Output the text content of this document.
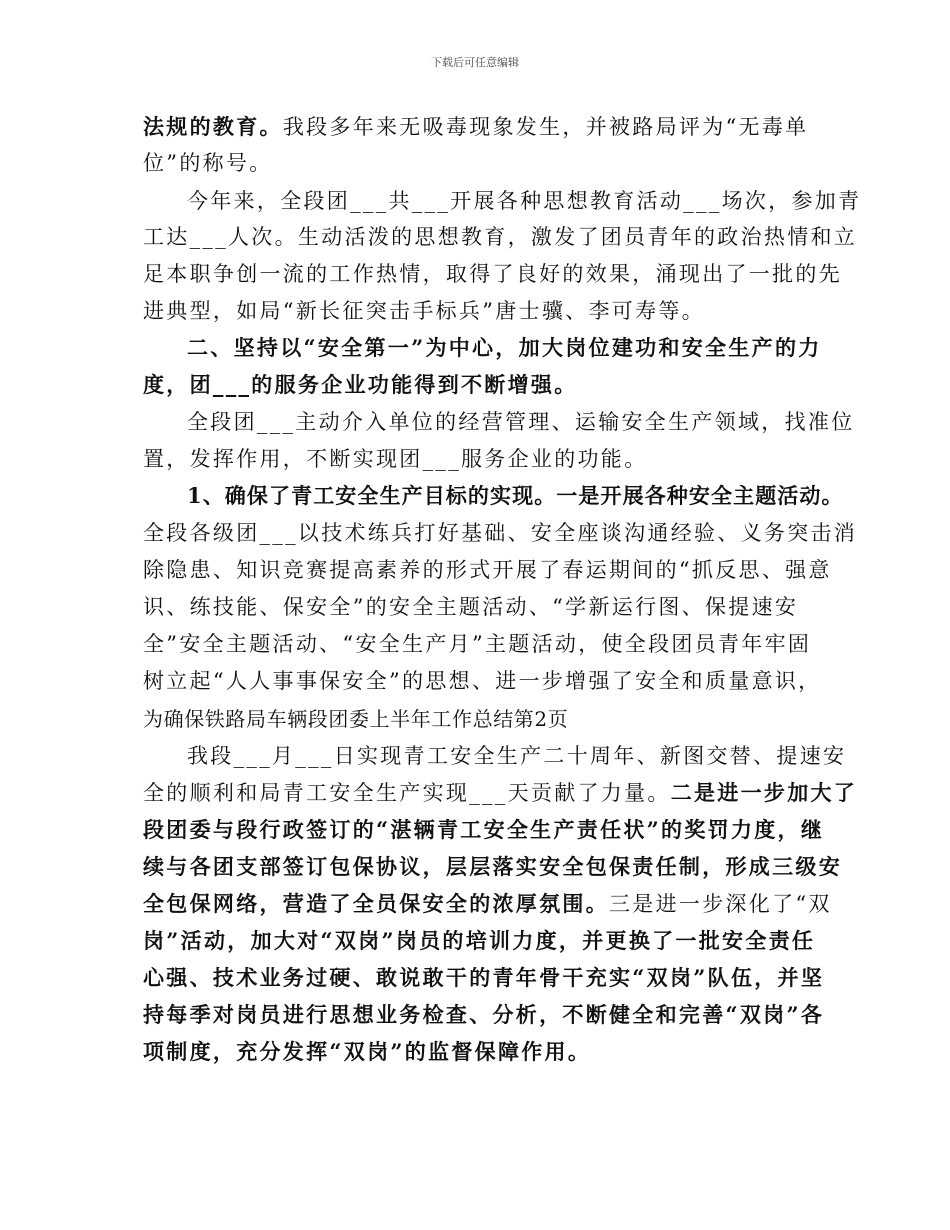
下载后可任意编辑
法规的教育。我段多年来无吸毒现象发生，并被路局评为“无毒单
位”的称号。
今年来，全段团___共___开展各种思想教育活动___场次，参加青
工达___人次。生动活泼的思想教育，激发了团员青年的政治热情和立
足本职争创一流的工作热情，取得了良好的效果，涌现出了一批的先
进典型，如局“新长征突击手标兵”唐士骥、李可寿等。
二、坚持以“安全第一”为中心，加大岗位建功和安全生产的力
度，团___的服务企业功能得到不断增强。
全段团___主动介入单位的经营管理、运输安全生产领域，找准位
置，发挥作用，不断实现团___服务企业的功能。
1、确保了青工安全生产目标的实现。一是开展各种安全主题活动。
全段各级团___以技术练兵打好基础、安全座谈沟通经验、义务突击消
除隐患、知识竞赛提高素养的形式开展了春运期间的“抓反思、强意
识、练技能、保安全”的安全主题活动、“学新运行图、保提速安
全”安全主题活动、“安全生产月”主题活动，使全段团员青年牢固
树立起“人人事事保安全”的思想、进一步增强了安全和质量意识，
为确保铁路局车辆段团委上半年工作总结第2页
我段___月___日实现青工安全生产二十周年、新图交替、提速安
全的顺利和局青工安全生产实现___天贡献了力量。二是进一步加大了
段团委与段行政签订的“湛辆青工安全生产责任状”的奖罚力度，继
续与各团支部签订包保协议，层层落实安全包保责任制，形成三级安
全包保网络，营造了全员保安全的浓厚氛围。三是进一步深化了“双
岗”活动，加大对“双岗”岗员的培训力度，并更换了一批安全责任
心强、技术业务过硬、敢说敢干的青年骨干充实“双岗”队伍，并坚
持每季对岗员进行思想业务检查、分析，不断健全和完善“双岗”各
项制度，充分发挥“双岗”的监督保障作用。
